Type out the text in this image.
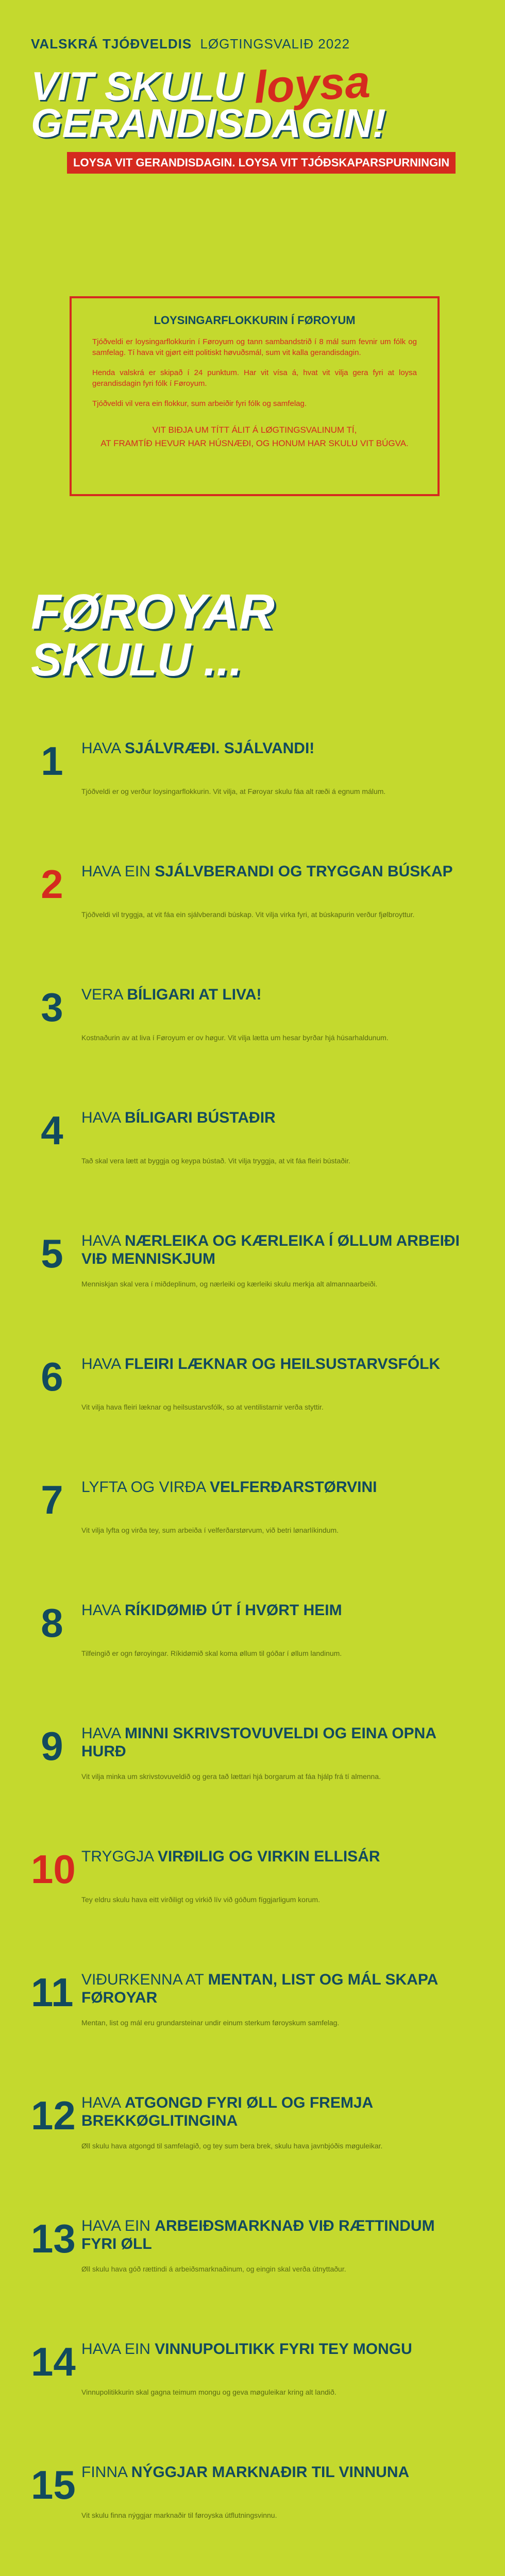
VALSKRÁ TJÓÐVELDIS LØGTINGSVALIÐ 2022
VIT SKULU loysa
GERANDISDAGIN!
LOYSA VIT GERANDISDAGIN. LOYSA VIT TJÓÐSKAPARSPURNINGIN
LOYSINGARFLOKKURIN Í FØROYUM

Tjóðveldi er loysingarflokkurin í Føroyum og tann sambandstrið í 8 mál sum fevnir um fólk og samfelag. Tí hava vit gjørt eitt politiskt høvuðsmál, sum vit kalla gerandisdagin.

Henda valskrá er skipað í 24 punktum. Har vit vísa á, hvat vit vilja gera fyri at loysa gerandisdagin fyri fólk í Føroyum.

Tjóðveldi vil vera ein flokkur, sum arbeiðir fyri fólk og samfelag.

VIT BIÐJA UM TÍTT ÁLIT Á LØGTINGSVALINUM TÍ,
AT FRAMTÍÐ HEVUR HAR HÚSNÆÐI, OG HONUM HAR SKULU VIT BÚGVA.
FØROYAR
SKULU ...
1	HAVA SJÁLVRÆÐI. SJÁLVANDI!
Tjóðveldi er og verður loysingarflokkurin. Vit vilja, at Føroyar skulu fáa alt ræði á egnum málum.
2	HAVA EIN SJÁLVBERANDI OG TRYGGAN BÚSKAP
Tjóðveldi vil tryggja, at vit fáa ein sjálvberandi búskap. Vit vilja virka fyri, at búskapurin verður fjølbroyttur.
3	VERA BÍLIGARI AT LIVA!
Kostnaðurin av at liva í Føroyum er ov høgur. Vit vilja lætta um hesar byrðar hjá húsarhaldunum.
4	HAVA BÍLIGARI BÚSTAÐIR
Tað skal vera lætt at byggja og keypa bústað. Vit vilja tryggja, at vit fáa fleiri bústaðir.
5	HAVA NÆRLEIKA OG KÆRLEIKA Í ØLLUM ARBEIÐI VIÐ MENNISKJUM
Menniskjan skal vera í miðdeplinum, og nærleiki og kærleiki skulu merkja alt almannaarbeiði.
6	HAVA FLEIRI LÆKNAR OG HEILSUSTARVSFÓLK
Vit vilja hava fleiri læknar og heilsustarvsfólk, so at ventilistarnir verða styttir.
7	LYFTA OG VIRÐA VELFERÐARSTØRVINI
Vit vilja lyfta og virða tey, sum arbeiða í velferðarstørvum, við betri lønarlíkindum.
8	HAVA RÍKIDØMIÐ ÚT Í HVØRT HEIM
Tilfeingið er ogn føroyingar. Ríkidømið skal koma øllum til góðar í øllum landinum.
9	HAVA MINNI SKRIVSTOVUVELDI OG EINA OPNA HURÐ
Vit vilja minka um skrivstovuveldið og gera tað lættari hjá borgarum at fáa hjálp frá tí almenna.
10 TRYGGJA VIRÐILIG OG VIRKIN ELLISÁR
Tey eldru skulu hava eitt virðiligt og virkið lív við góðum fíggjarligum korum.
11 VIÐURKENNA AT MENTAN, LIST OG MÁL SKAPA FØROYAR
Mentan, list og mál eru grundarsteinar undir einum sterkum føroyskum samfelag.
12 HAVA ATGONGD FYRI ØLL OG FREMJA BREKKØGLITINGINA
Øll skulu hava atgongd til samfelagið, og tey sum bera brek, skulu hava javnbjóðis møguleikar.
13 HAVA EIN ARBEIÐSMARKNAÐ VIÐ RÆTTINDUM FYRI ØLL
Øll skulu hava góð rættindi á arbeiðsmarknaðinum, og eingin skal verða útnyttaður.
14 HAVA EIN VINNUPOLITIKK FYRI TEY MONGU
Vinnupolitikkurin skal gagna teimum mongu og geva møguleikar kring alt landið.
15 FINNA NÝGGJAR MARKNAÐIR TIL VINNUNA
Vit skulu finna nýggjar marknaðir til føroyska útflutningsvinnu.
